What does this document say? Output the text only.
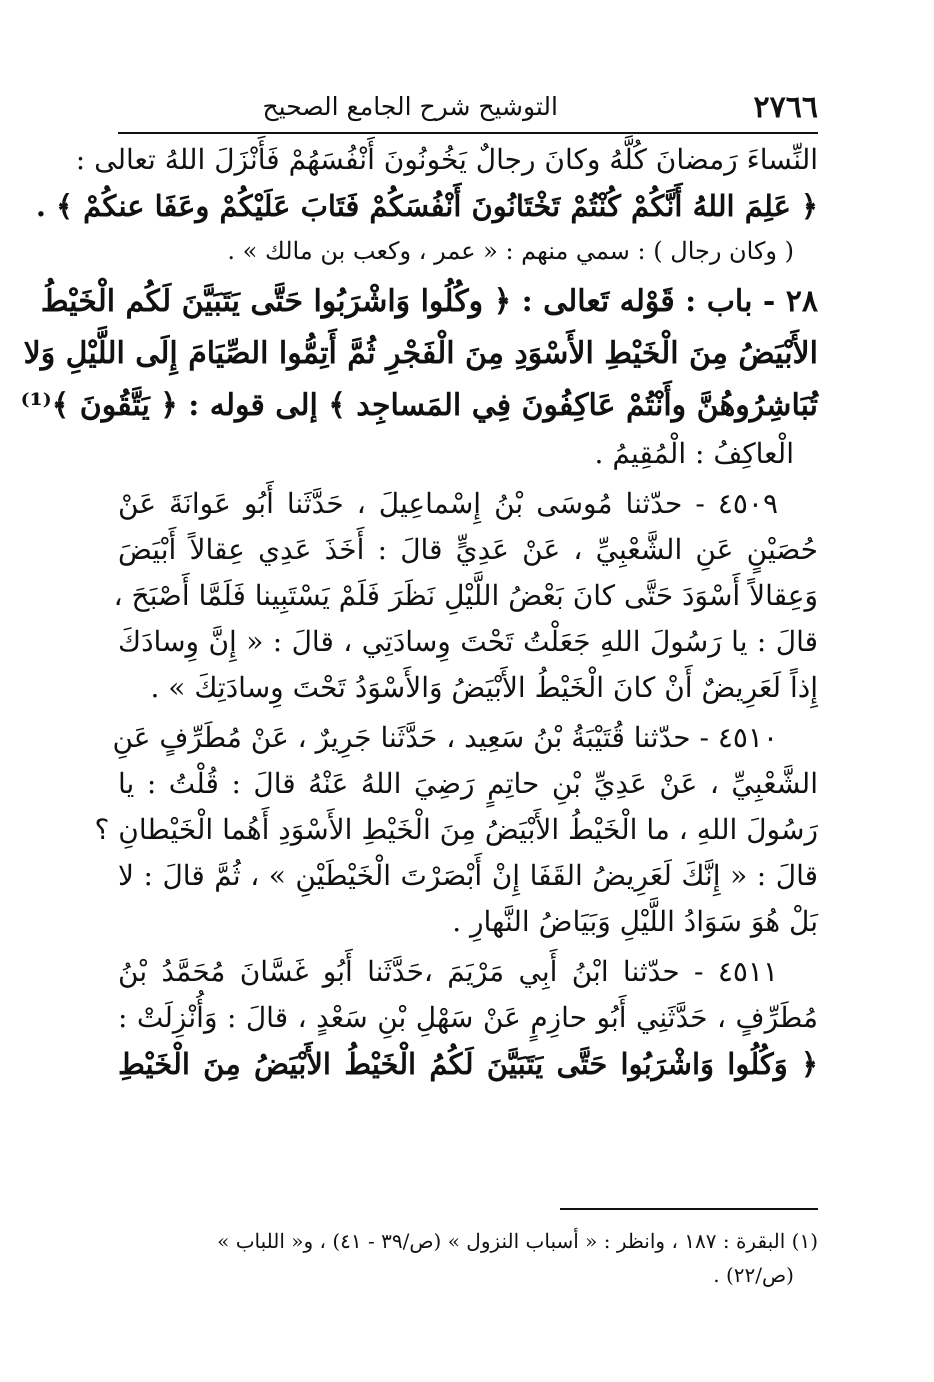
٢٧٦٦
التوشيح شرح الجامع الصحيح
النِّساءَ رَمضانَ كُلَّهُ وكانَ رجالٌ يَخُونُونَ أَنْفُسَهُمْ فَأَنْزَلَ اللهُ تعالى :
﴿ عَلِمَ اللهُ أَنَّكُمْ كُنْتُمْ تَخْتَانُونَ أَنْفُسَكُمْ فَتَابَ عَلَيْكُمْ وعَفَا عنكُمْ ﴾ .
( وكان رجال ) : سمي منهم : « عمر ، وكعب بن مالك » .
٢٨ - باب : قَوْله تَعالى : ﴿ وكُلُوا وَاشْرَبُوا حَتَّى يَتَبَيَّنَ لَكُم الْخَيْطُ
الأَبْيَضُ مِنَ الْخَيْطِ الأَسْوَدِ مِنَ الْفَجْرِ ثُمَّ أَتِمُّوا الصِّيَامَ إِلَى اللَّيْلِ وَلا
تُبَاشِرُوهُنَّ وأَنْتُمْ عَاكِفُونَ فِي المَساجِد ﴾ إلى قوله : ﴿ يَتَّقُونَ ﴾⁽¹⁾
الْعاكِفُ : الْمُقِيمُ .
٤٥٠٩ - حدّثنا مُوسَى بْنُ إِسْماعِيلَ ، حَدَّثَنا أَبُو عَوانَةَ عَنْ
حُصَيْنٍ عَنِ الشَّعْبِيِّ ، عَنْ عَدِيٍّ قالَ : أَخَذَ عَدِي عِقالاً أَبْيَضَ
وَعِقالاً أَسْوَدَ حَتَّى كانَ بَعْضُ اللَّيْلِ نَظَرَ فَلَمْ يَسْتَبِينا فَلَمَّا أَصْبَحَ ،
قالَ : يا رَسُولَ اللهِ جَعَلْتُ تَحْتَ وِسادَتِي ، قالَ : « إِنَّ وِسادَكَ
إِذاً لَعَرِيضٌ أَنْ كانَ الْخَيْطُ الأَبْيَضُ وَالأَسْوَدُ تَحْتَ وِسادَتِكَ » .
٤٥١٠ - حدّثنا قُتَيْبَةُ بْنُ سَعِيد ، حَدَّثَنا جَرِيرٌ ، عَنْ مُطَرِّفٍ عَنِ
الشَّعْبِيِّ ، عَنْ عَدِيِّ بْنِ حاتِمٍ رَضِيَ اللهُ عَنْهُ قالَ : قُلْتُ : يا
رَسُولَ اللهِ ، ما الْخَيْطُ الأَبْيَضُ مِنَ الْخَيْطِ الأَسْوَدِ أَهُما الْخَيْطانِ ؟
قالَ : « إِنَّكَ لَعَرِيضُ القَفَا إِنْ أَبْصَرْتَ الْخَيْطَيْنِ » ، ثُمَّ قالَ : لا
بَلْ هُوَ سَوَادُ اللَّيْلِ وَبَيَاضُ النَّهارِ .
٤٥١١ - حدّثنا ابْنُ أَبِي مَرْيَمَ ،حَدَّثَنا أَبُو غَسَّانَ مُحَمَّدُ بْنُ
مُطَرِّفٍ ، حَدَّثَنِي أَبُو حازِمٍ عَنْ سَهْلِ بْنِ سَعْدٍ ، قالَ : وَأُنْزِلَتْ :
﴿ وَكُلُوا وَاشْرَبُوا حَتَّى يَتَبَيَّنَ لَكُمُ الْخَيْطُ الأَبْيَضُ مِنَ الْخَيْطِ
(١) البقرة : ١٨٧ ، وانظر : « أسباب النزول » (ص/٣٩ - ٤١) ، و« اللباب »
(ص/٢٢) .
